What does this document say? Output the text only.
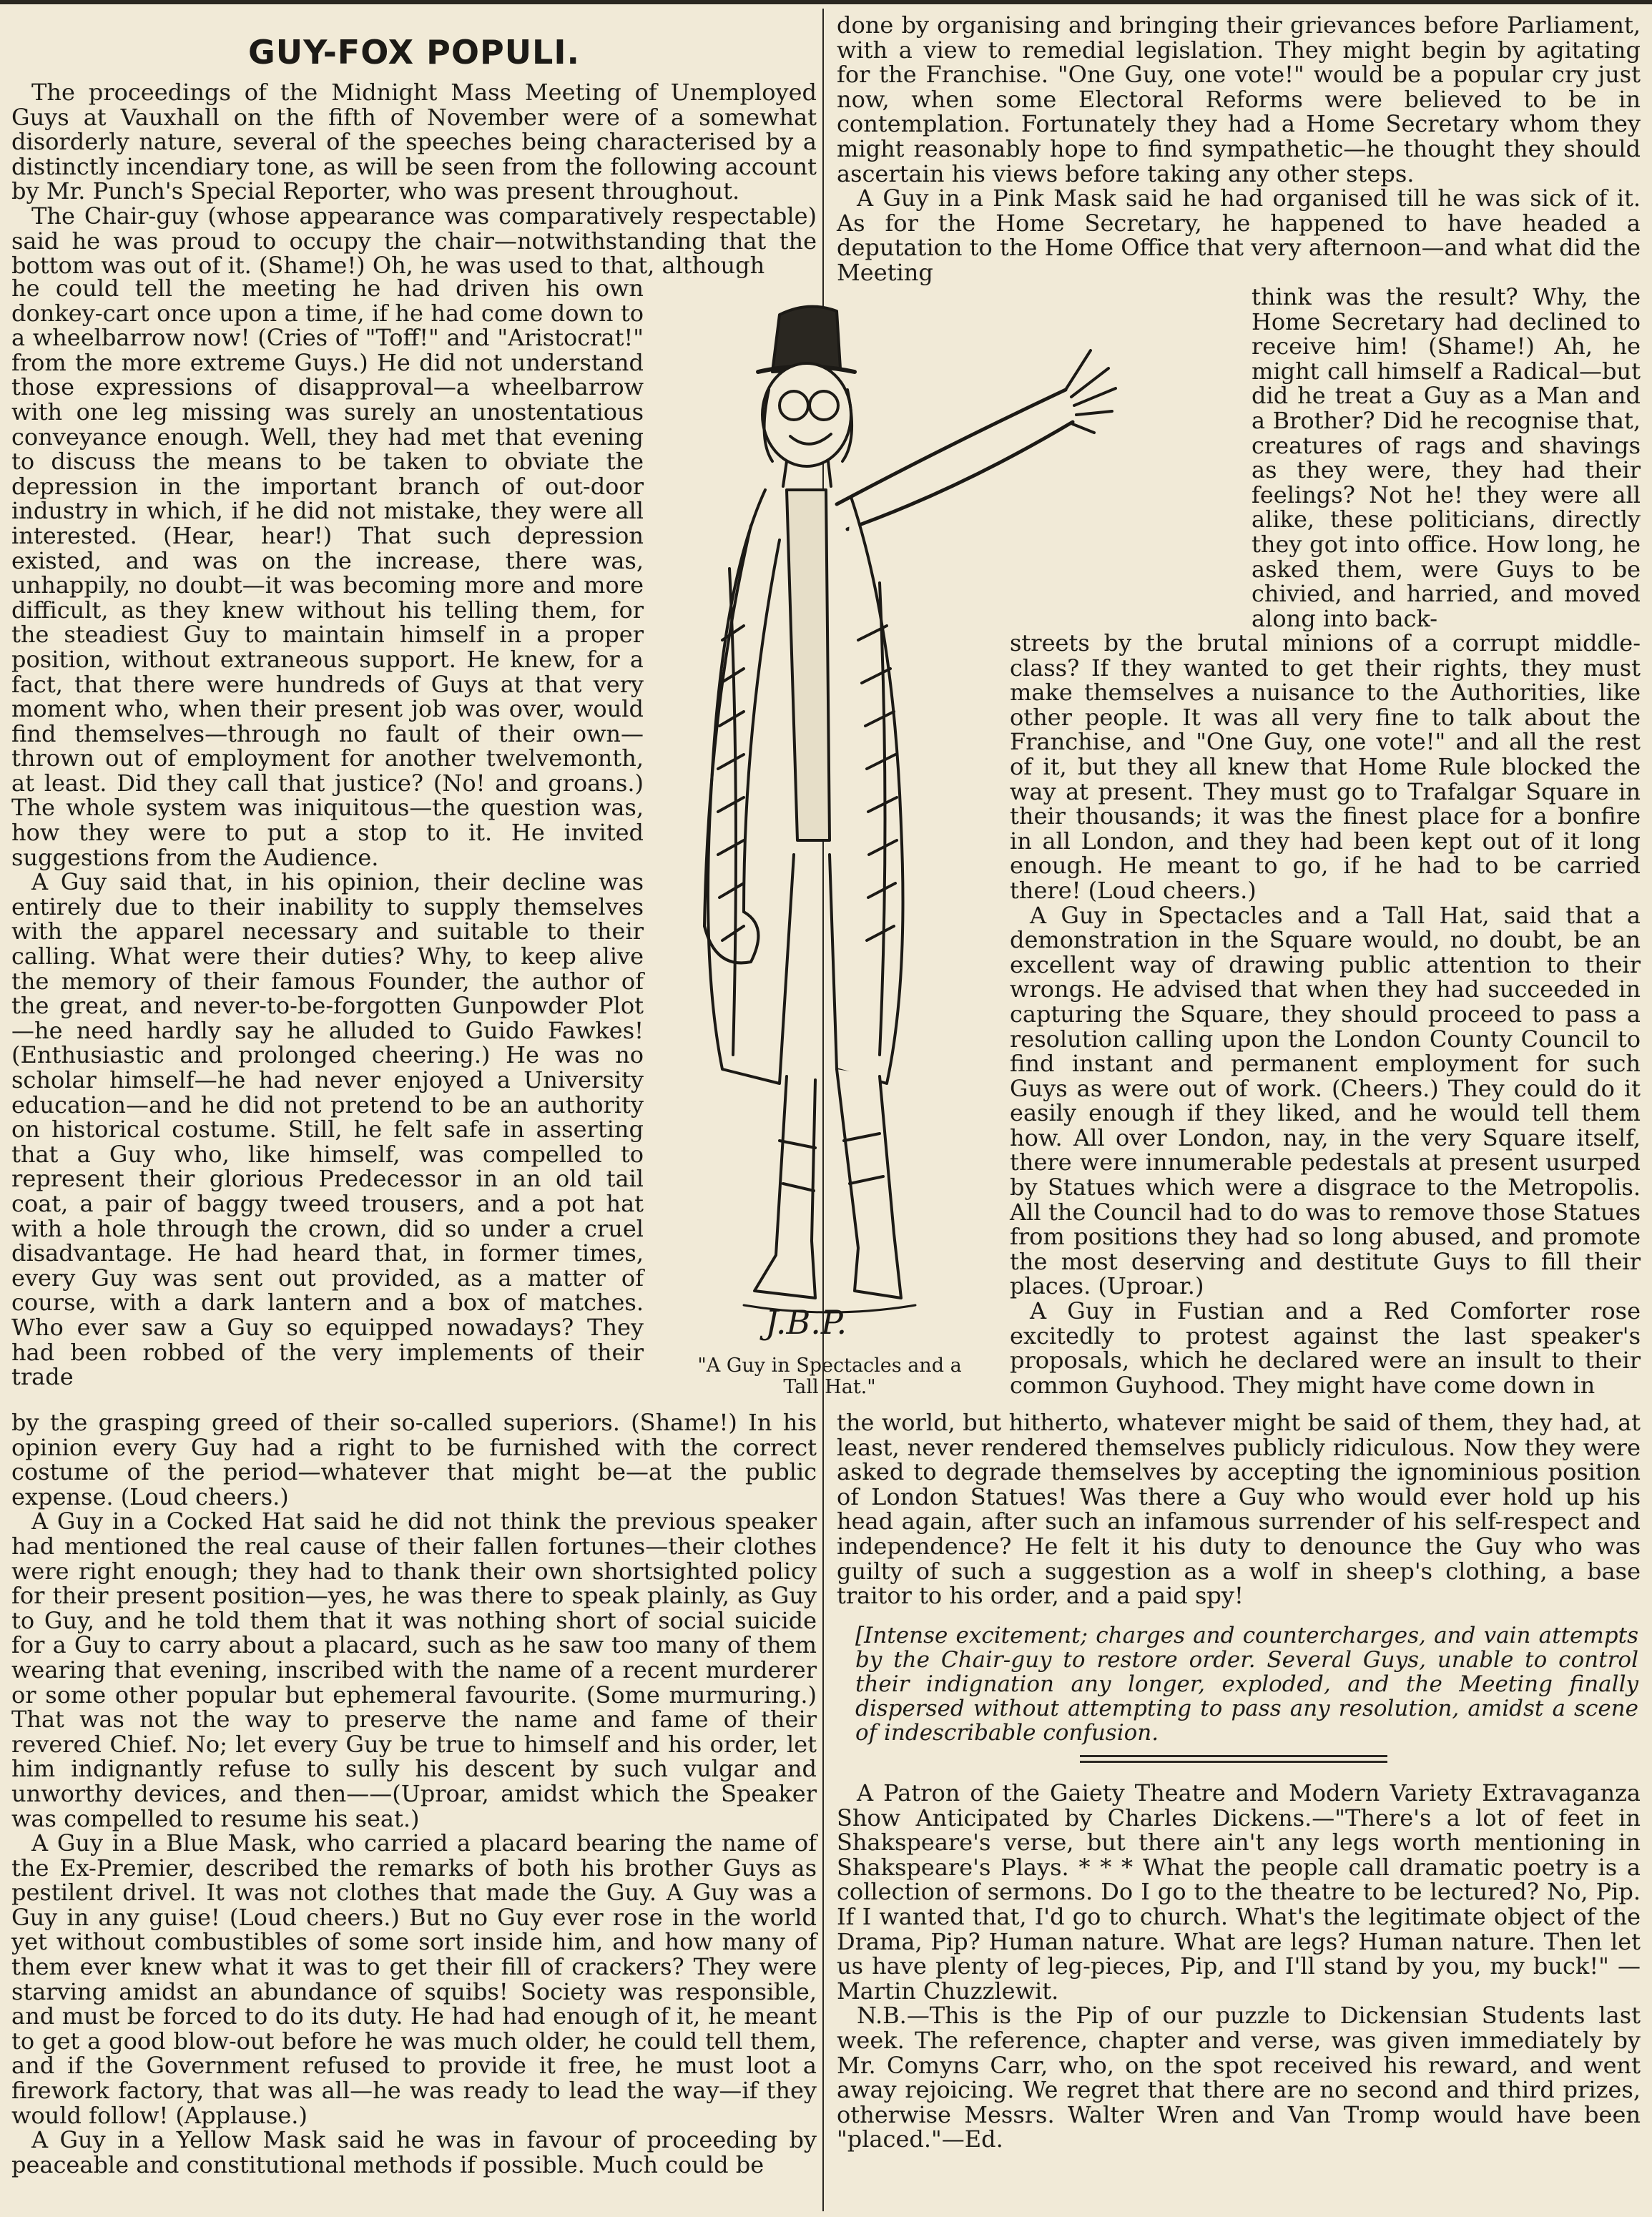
GUY-FOX POPULI.

The proceedings of the Midnight Mass Meeting of Unemployed Guys at Vauxhall on the fifth of November were of a somewhat disorderly nature, several of the speeches being characterised by a distinctly incendiary tone, as will be seen from the following account by Mr. Punch's Special Reporter, who was present throughout.

The Chair-guy (whose appearance was comparatively respectable) said he was proud to occupy the chair—notwithstanding that the bottom was out of it. (Shame!) Oh, he was used to that, although

he could tell the meeting he had driven his own donkey-cart once upon a time, if he had come down to a wheelbarrow now! (Cries of "Toff!" and "Aristocrat!" from the more extreme Guys.) He did not understand those expressions of disapproval—a wheelbarrow with one leg missing was surely an unostentatious conveyance enough. Well, they had met that evening to discuss the means to be taken to obviate the depression in the important branch of out-door industry in which, if he did not mistake, they were all interested. (Hear, hear!) That such depression existed, and was on the increase, there was, unhappily, no doubt—it was becoming more and more difficult, as they knew without his telling them, for the steadiest Guy to maintain himself in a proper position, without extraneous support. He knew, for a fact, that there were hundreds of Guys at that very moment who, when their present job was over, would find themselves—through no fault of their own—thrown out of employment for another twelvemonth, at least. Did they call that justice? (No! and groans.) The whole system was iniquitous—the question was, how they were to put a stop to it. He invited suggestions from the Audience.

A Guy said that, in his opinion, their decline was entirely due to their inability to supply themselves with the apparel necessary and suitable to their calling. What were their duties? Why, to keep alive the memory of their famous Founder, the author of the great, and never-to-be-forgotten Gunpowder Plot—he need hardly say he alluded to Guido Fawkes! (Enthusiastic and prolonged cheering.) He was no scholar himself—he had never enjoyed a University education—and he did not pretend to be an authority on historical costume. Still, he felt safe in asserting that a Guy who, like himself, was compelled to represent their glorious Predecessor in an old tail coat, a pair of baggy tweed trousers, and a pot hat with a hole through the crown, did so under a cruel disadvantage. He had heard that, in former times, every Guy was sent out provided, as a matter of course, with a dark lantern and a box of matches. Who ever saw a Guy so equipped nowadays? They had been robbed of the very implements of their trade

by the grasping greed of their so-called superiors. (Shame!) In his opinion every Guy had a right to be furnished with the correct costume of the period—whatever that might be—at the public expense. (Loud cheers.)

A Guy in a Cocked Hat said he did not think the previous speaker had mentioned the real cause of their fallen fortunes—their clothes were right enough; they had to thank their own shortsighted policy for their present position—yes, he was there to speak plainly, as Guy to Guy, and he told them that it was nothing short of social suicide for a Guy to carry about a placard, such as he saw too many of them wearing that evening, inscribed with the name of a recent murderer or some other popular but ephemeral favourite. (Some murmuring.) That was not the way to preserve the name and fame of their revered Chief. No; let every Guy be true to himself and his order, let him indignantly refuse to sully his descent by such vulgar and unworthy devices, and then——(Uproar, amidst which the Speaker was compelled to resume his seat.)

A Guy in a Blue Mask, who carried a placard bearing the name of the Ex-Premier, described the remarks of both his brother Guys as pestilent drivel. It was not clothes that made the Guy. A Guy was a Guy in any guise! (Loud cheers.) But no Guy ever rose in the world yet without combustibles of some sort inside him, and how many of them ever knew what it was to get their fill of crackers? They were starving amidst an abundance of squibs! Society was responsible, and must be forced to do its duty. He had had enough of it, he meant to get a good blow-out before he was much older, he could tell them, and if the Government refused to provide it free, he must loot a firework factory, that was all—he was ready to lead the way—if they would follow! (Applause.)

A Guy in a Yellow Mask said he was in favour of proceeding by peaceable and constitutional methods if possible. Much could be

done by organising and bringing their grievances before Parliament, with a view to remedial legislation. They might begin by agitating for the Franchise. "One Guy, one vote!" would be a popular cry just now, when some Electoral Reforms were believed to be in contemplation. Fortunately they had a Home Secretary whom they might reasonably hope to find sympathetic—he thought they should ascertain his views before taking any other steps.

A Guy in a Pink Mask said he had organised till he was sick of it. As for the Home Secretary, he happened to have headed a deputation to the Home Office that very afternoon—and what did the Meeting

think was the result? Why, the Home Secretary had declined to receive him! (Shame!) Ah, he might call himself a Radical—but did he treat a Guy as a Man and a Brother? Did he recognise that, creatures of rags and shavings as they were, they had their feelings? Not he! they were all alike, these politicians, directly they got into office. How long, he asked them, were Guys to be chivied, and harried, and moved along into back-

streets by the brutal minions of a corrupt middle-class? If they wanted to get their rights, they must make themselves a nuisance to the Authorities, like other people. It was all very fine to talk about the Franchise, and "One Guy, one vote!" and all the rest of it, but they all knew that Home Rule blocked the way at present. They must go to Trafalgar Square in their thousands; it was the finest place for a bonfire in all London, and they had been kept out of it long enough. He meant to go, if he had to be carried there! (Loud cheers.)

A Guy in Spectacles and a Tall Hat, said that a demonstration in the Square would, no doubt, be an excellent way of drawing public attention to their wrongs. He advised that when they had succeeded in capturing the Square, they should proceed to pass a resolution calling upon the London County Council to find instant and permanent employment for such Guys as were out of work. (Cheers.) They could do it easily enough if they liked, and he would tell them how. All over London, nay, in the very Square itself, there were innumerable pedestals at present usurped by Statues which were a disgrace to the Metropolis. All the Council had to do was to remove those Statues from positions they had so long abused, and promote the most deserving and destitute Guys to fill their places. (Uproar.)

A Guy in Fustian and a Red Comforter rose excitedly to protest against the last speaker's proposals, which he declared were an insult to their common Guyhood. They might have come down in

the world, but hitherto, whatever might be said of them, they had, at least, never rendered themselves publicly ridiculous. Now they were asked to degrade themselves by accepting the ignominious position of London Statues! Was there a Guy who would ever hold up his head again, after such an infamous surrender of his self-respect and independence? He felt it his duty to denounce the Guy who was guilty of such a suggestion as a wolf in sheep's clothing, a base traitor to his order, and a paid spy!

[Intense excitement; charges and countercharges, and vain attempts by the Chair-guy to restore order. Several Guys, unable to control their indignation any longer, exploded, and the Meeting finally dispersed without attempting to pass any resolution, amidst a scene of indescribable confusion.

A Patron of the Gaiety Theatre and Modern Variety Extravaganza Show Anticipated by Charles Dickens.—"There's a lot of feet in Shakspeare's verse, but there ain't any legs worth mentioning in Shakspeare's Plays. * * * What the people call dramatic poetry is a collection of sermons. Do I go to the theatre to be lectured? No, Pip. If I wanted that, I'd go to church. What's the legitimate object of the Drama, Pip? Human nature. What are legs? Human nature. Then let us have plenty of leg-pieces, Pip, and I'll stand by you, my buck!" — Martin Chuzzlewit.

N.B.—This is the Pip of our puzzle to Dickensian Students last week. The reference, chapter and verse, was given immediately by Mr. Comyns Carr, who, on the spot received his reward, and went away rejoicing. We regret that there are no second and third prizes, otherwise Messrs. Walter Wren and Van Tromp would have been "placed."—Ed.

J.B.P.
"A Guy in Spectacles and a
Tall Hat."
